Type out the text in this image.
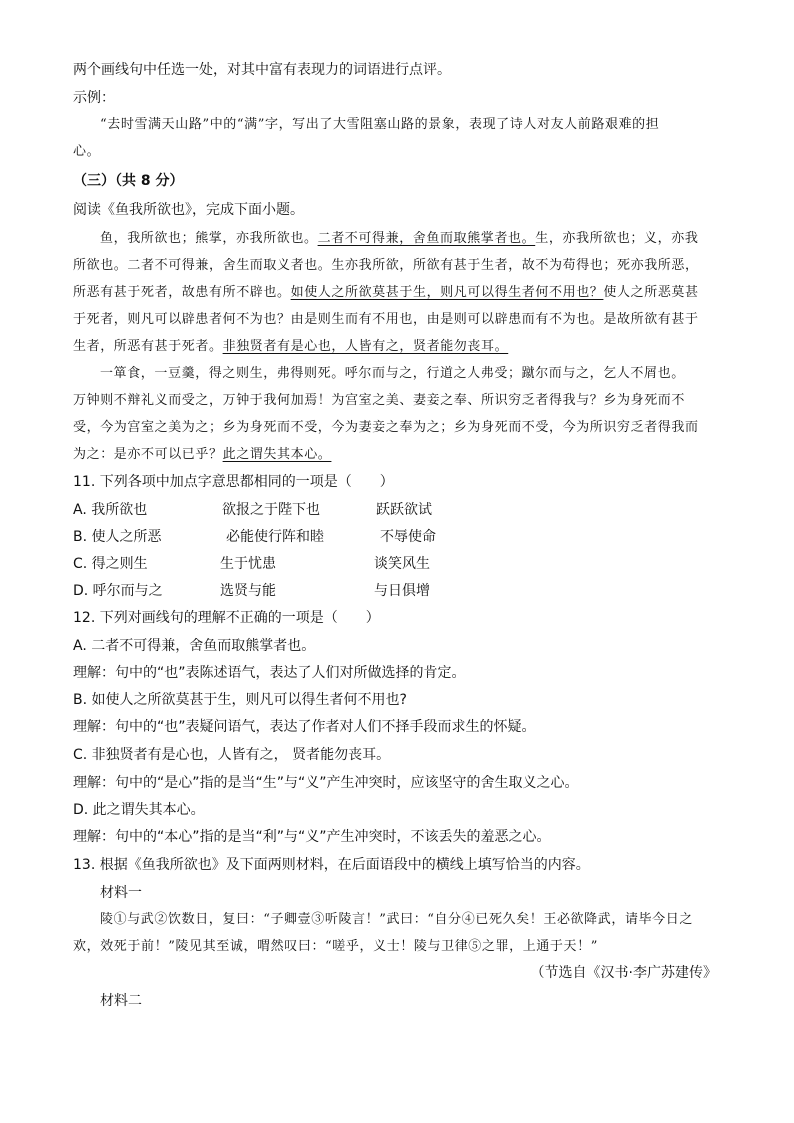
两个画线句中任选一处，对其中富有表现力的词语进行点评。
示例：
“去时雪满天山路”中的“满”字，写出了大雪阻塞山路的景象，表现了诗人对友人前路艰难的担
心。
（三）（共 8 分）
阅读《鱼我所欲也》，完成下面小题。
鱼，我所欲也；熊掌，亦我所欲也。二者不可得兼，舍鱼而取熊掌者也。生，亦我所欲也；义，亦我
所欲也。二者不可得兼，舍生而取义者也。生亦我所欲，所欲有甚于生者，故不为苟得也；死亦我所恶，
所恶有甚于死者，故患有所不辟也。如使人之所欲莫甚于生，则凡可以得生者何不用也？使人之所恶莫甚
于死者，则凡可以辟患者何不为也？由是则生而有不用也，由是则可以辟患而有不为也。是故所欲有甚于
生者，所恶有甚于死者。非独贤者有是心也，人皆有之，贤者能勿丧耳。
一箪食，一豆羹，得之则生，弗得则死。呼尔而与之，行道之人弗受；蹴尔而与之，乞人不屑也。
万钟则不辩礼义而受之，万钟于我何加焉！为宫室之美、妻妾之奉、所识穷乏者得我与？乡为身死而不
受，今为宫室之美为之；乡为身死而不受，今为妻妾之奉为之；乡为身死而不受，今为所识穷乏者得我而
为之：是亦不可以已乎？此之谓失其本心。
11. 下列各项中加点字意思都相同的一项是（　　）
A. 我所欲也	欲报之于陛下也	跃跃欲试
B. 使人之所恶	必能使行阵和睦	不辱使命
C. 得之则生	生于忧患	谈笑风生
D. 呼尔而与之	选贤与能	与日俱增
12. 下列对画线句的理解不正确的一项是（　　）
A. 二者不可得兼，舍鱼而取熊掌者也。
理解：句中的“也”表陈述语气，表达了人们对所做选择的肯定。
B. 如使人之所欲莫甚于生，则凡可以得生者何不用也?
理解：句中的“也”表疑问语气，表达了作者对人们不择手段而求生的怀疑。
C. 非独贤者有是心也，人皆有之， 贤者能勿丧耳。
理解：句中的“是心”指的是当“生”与“义”产生冲突时，应该坚守的舍生取义之心。
D. 此之谓失其本心。
理解：句中的“本心”指的是当“利”与“义”产生冲突时，不该丢失的羞恶之心。
13. 根据《鱼我所欲也》及下面两则材料，在后面语段中的横线上填写恰当的内容。
材料一
陵①与武②饮数日，复曰：“子卿壹③听陵言！”武曰：“自分④已死久矣！王必欲降武，请毕今日之
欢，效死于前！”陵见其至诚，喟然叹曰：“嗟乎，义士！陵与卫律⑤之罪，上通于天！”
（节选自《汉书·李广苏建传》
材料二
